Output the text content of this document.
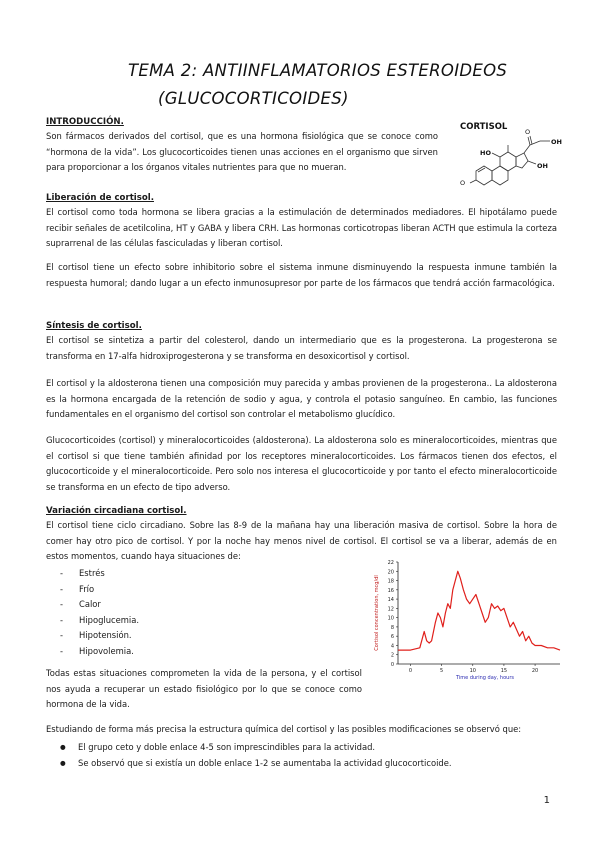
TEMA 2: ANTIINFLAMATORIOS ESTEROIDEOS
(GLUCOCORTICOIDES)

INTRODUCCIÓN.

Son fármacos derivados del cortisol, que es una hormona fisiológica que se conoce como “hormona de la vida”. Los glucocorticoides tienen unas acciones en el organismo que sirven para proporcionar a los órganos vitales nutrientes para que no mueran.

CORTISOL
O
HO
OH
O
OH

Liberación de cortisol.

El cortisol como toda hormona se libera gracias a la estimulación de determinados mediadores. El hipotálamo puede recibir señales de acetilcolina, HT y GABA y libera CRH. Las hormonas corticotropas liberan ACTH que estimula la corteza suprarrenal de las células fasciculadas y liberan cortisol.

El cortisol tiene un efecto sobre inhibitorio sobre el sistema inmune disminuyendo la respuesta inmune también la respuesta humoral; dando lugar a un efecto inmunosupresor por parte de los fármacos que tendrá acción farmacológica.

Síntesis de cortisol.

El cortisol se sintetiza a partir del colesterol, dando un intermediario que es la progesterona. La progesterona se transforma en 17-alfa hidroxiprogesterona y se transforma en desoxicortisol y cortisol.

El cortisol y la aldosterona tienen una composición muy parecida y ambas provienen de la progesterona.. La aldosterona es la hormona encargada de la retención de sodio y agua, y controla el potasio sanguíneo. En cambio, las funciones fundamentales en el organismo del cortisol son controlar el metabolismo glucídico.

Glucocorticoides (cortisol) y mineralocorticoides (aldosterona). La aldosterona solo es mineralocorticoides, mientras que el cortisol si que tiene también afinidad por los receptores mineralocorticoides. Los fármacos tienen dos efectos, el glucocorticoide y el mineralocorticoide. Pero solo nos interesa el glucocorticoide y por tanto el efecto mineralocorticoide se transforma en un efecto de tipo adverso.

Variación circadiana cortisol.

El cortisol tiene ciclo circadiano. Sobre las 8-9 de la mañana hay una liberación masiva de cortisol. Sobre la hora de comer hay otro pico de cortisol. Y por la noche hay menos nivel de cortisol. El cortisol se va a liberar, además de en estos momentos, cuando haya situaciones de:

- Estrés
- Frío
- Calor
- Hipoglucemia.
- Hipotensión.
- Hipovolemia.

Todas estas situaciones comprometen la vida de la persona, y el cortisol nos ayuda a recuperar un estado fisiológico por lo que se conoce como hormona de la vida.

0
2
4
6
8
10
12
14
16
18
20
22
0	5	10	15	20
Time during day, hours
Cortisol concentration, mcg/dl

Estudiando de forma más precisa la estructura química del cortisol y las posibles modificaciones se observó que:

● El grupo ceto y doble enlace 4-5 son imprescindibles para la actividad.
● Se observó que si existía un doble enlace 1-2 se aumentaba la actividad glucocorticoide.
1
